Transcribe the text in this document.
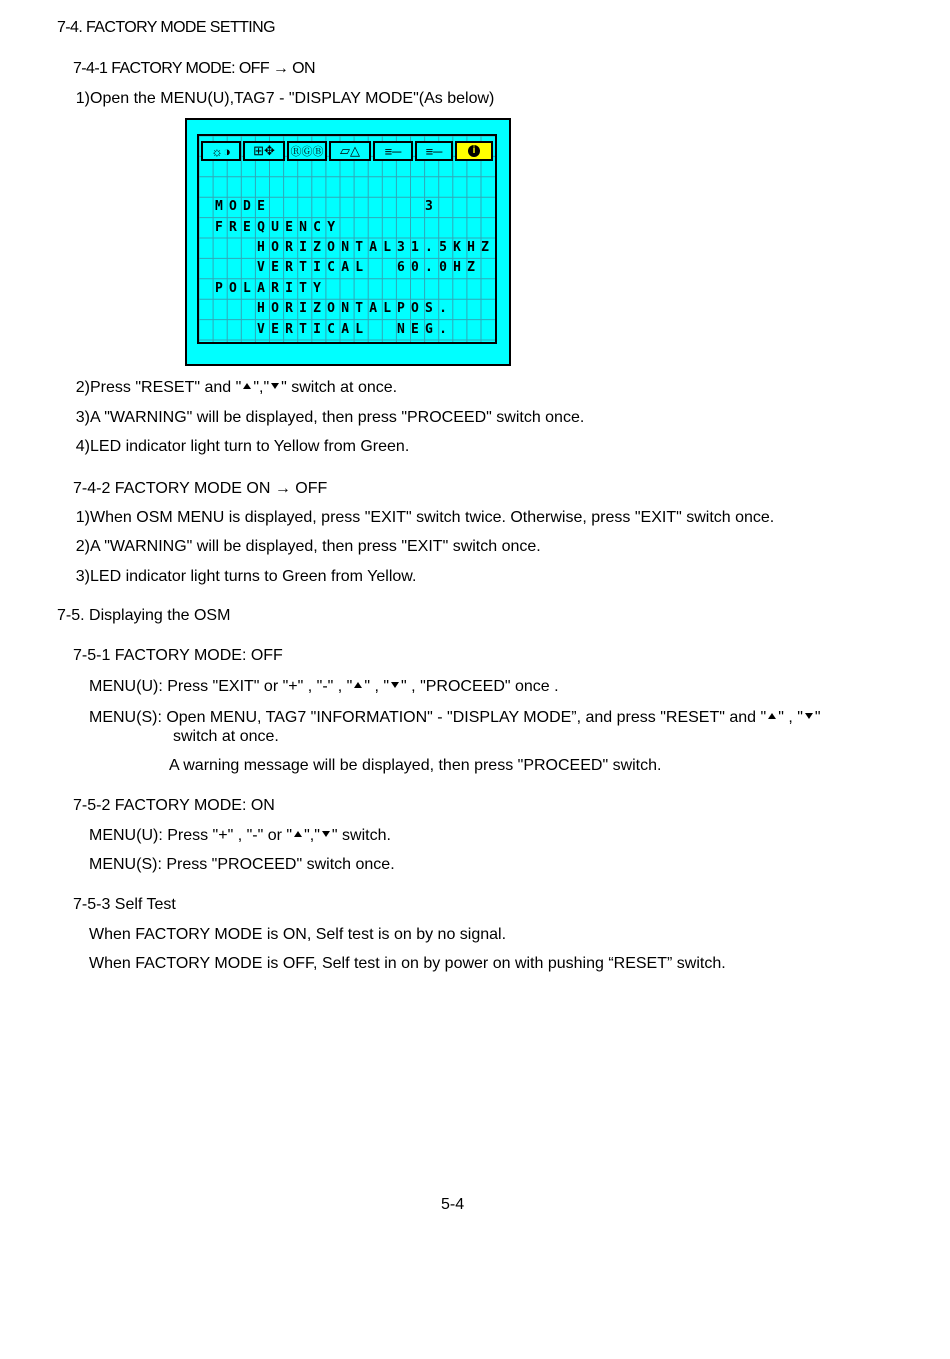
7-4. FACTORY MODE SETTING
7-4-1 FACTORY MODE: OFF → ON
1)Open the MENU(U),TAG7 - "DISPLAY MODE"(As below)
☼◑ ⊞✥ ⓇⒼⒷ ▱△ ≡─ ≡─	i
MODE	3
FREQUENCY
HORIZONTAL 31.5KHZ
VERTICAL 60.0HZ
POLARITY
HORIZONTAL POS.
VERTICAL NEG.
2)Press "RESET" and " "," " switch at once.
3)A "WARNING" will be displayed, then press "PROCEED" switch once.
4)LED indicator light turn to Yellow from Green.
7-4-2 FACTORY MODE ON → OFF
1)When OSM MENU is displayed, press "EXIT" switch twice. Otherwise, press "EXIT" switch once.
2)A "WARNING" will be displayed, then press "EXIT" switch once.
3)LED indicator light turns to Green from Yellow.
7-5. Displaying the OSM
7-5-1 FACTORY MODE: OFF
MENU(U): Press "EXIT" or "+" , "-" , " " , " " , "PROCEED" once .
MENU(S): Open MENU, TAG7 "INFORMATION" - "DISPLAY MODE”, and press "RESET" and " " , " "
switch at once.
A warning message will be displayed, then press "PROCEED" switch.
7-5-2 FACTORY MODE: ON
MENU(U): Press "+" , "-" or " "," " switch.
MENU(S): Press "PROCEED" switch once.
7-5-3 Self Test
When FACTORY MODE is ON, Self test is on by no signal.
When FACTORY MODE is OFF, Self test in on by power on with pushing “RESET” switch.
5-4
